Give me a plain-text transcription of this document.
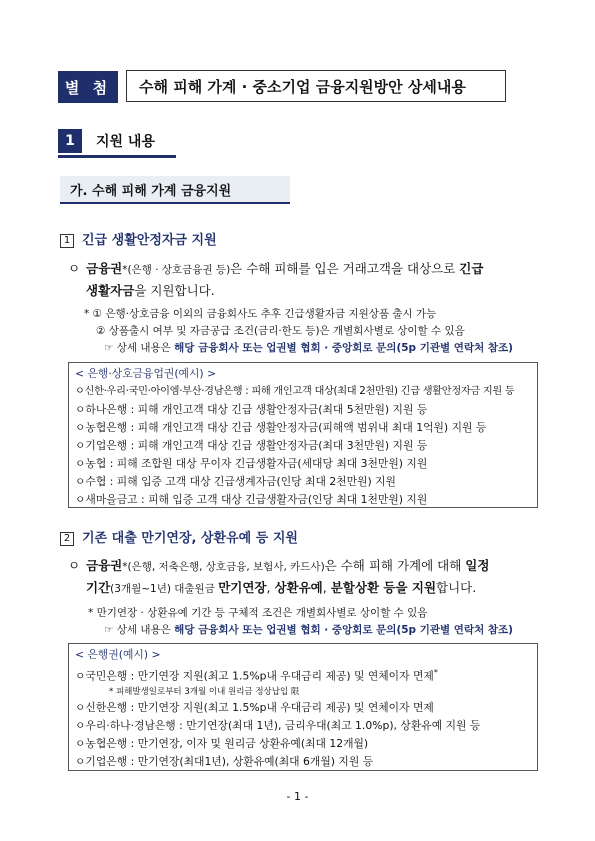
별 첨	수해 피해 가계 · 중소기업 금융지원방안 상세내용
1	지원 내용
가. 수해 피해 가계 금융지원
1 긴급 생활안정자금 지원
ㅇ 금융권*(은행 · 상호금융권 등)은 수해 피해를 입은 거래고객을 대상으로 긴급
생활자금을 지원합니다.
* ① 은행·상호금융 이외의 금융회사도 추후 긴급생활자금 지원상품 출시 가능
② 상품출시 여부 및 자금공급 조건(금리·한도 등)은 개별회사별로 상이할 수 있음
☞ 상세 내용은 해당 금융회사 또는 업권별 협회 · 중앙회로 문의(5p 기관별 연락처 참조)
< 은행·상호금융업권(예시) >
ㅇ신한·우리·국민·아이엠·부산·경남은행 : 피해 개인고객 대상(최대 2천만원) 긴급 생활안정자금 지원 등
ㅇ하나은행 : 피해 개인고객 대상 긴급 생활안정자금(최대 5천만원) 지원 등
ㅇ농협은행 : 피해 개인고객 대상 긴급 생활안정자금(피해액 범위내 최대 1억원) 지원 등
ㅇ기업은행 : 피해 개인고객 대상 긴급 생활안정자금(최대 3천만원) 지원 등
ㅇ농협 : 피해 조합원 대상 무이자 긴급생활자금(세대당 최대 3천만원) 지원
ㅇ수협 : 피해 입증 고객 대상 긴급생계자금(인당 최대 2천만원) 지원
ㅇ새마을금고 : 피해 입증 고객 대상 긴급생활자금(인당 최대 1천만원) 지원
2 기존 대출 만기연장, 상환유예 등 지원
ㅇ 금융권*(은행, 저축은행, 상호금융, 보험사, 카드사)은 수해 피해 가계에 대해 일정
기간(3개월~1년) 대출원금 만기연장, 상환유예, 분할상환 등을 지원합니다.
* 만기연장 · 상환유예 기간 등 구체적 조건은 개별회사별로 상이할 수 있음
☞ 상세 내용은 해당 금융회사 또는 업권별 협회 · 중앙회로 문의(5p 기관별 연락처 참조)
< 은행권(예시) >
ㅇ국민은행 : 만기연장 지원(최고 1.5%p내 우대금리 제공) 및 연체이자 면제*
* 피해발생일로부터 3개월 이내 원리금 정상납입 限
ㅇ신한은행 : 만기연장 지원(최고 1.5%p내 우대금리 제공) 및 연체이자 면제
ㅇ우리·하나·경남은행 : 만기연장(최대 1년), 금리우대(최고 1.0%p), 상환유예 지원 등
ㅇ농협은행 : 만기연장, 이자 및 원리금 상환유예(최대 12개월)
ㅇ기업은행 : 만기연장(최대1년), 상환유예(최대 6개월) 지원 등
- 1 -
